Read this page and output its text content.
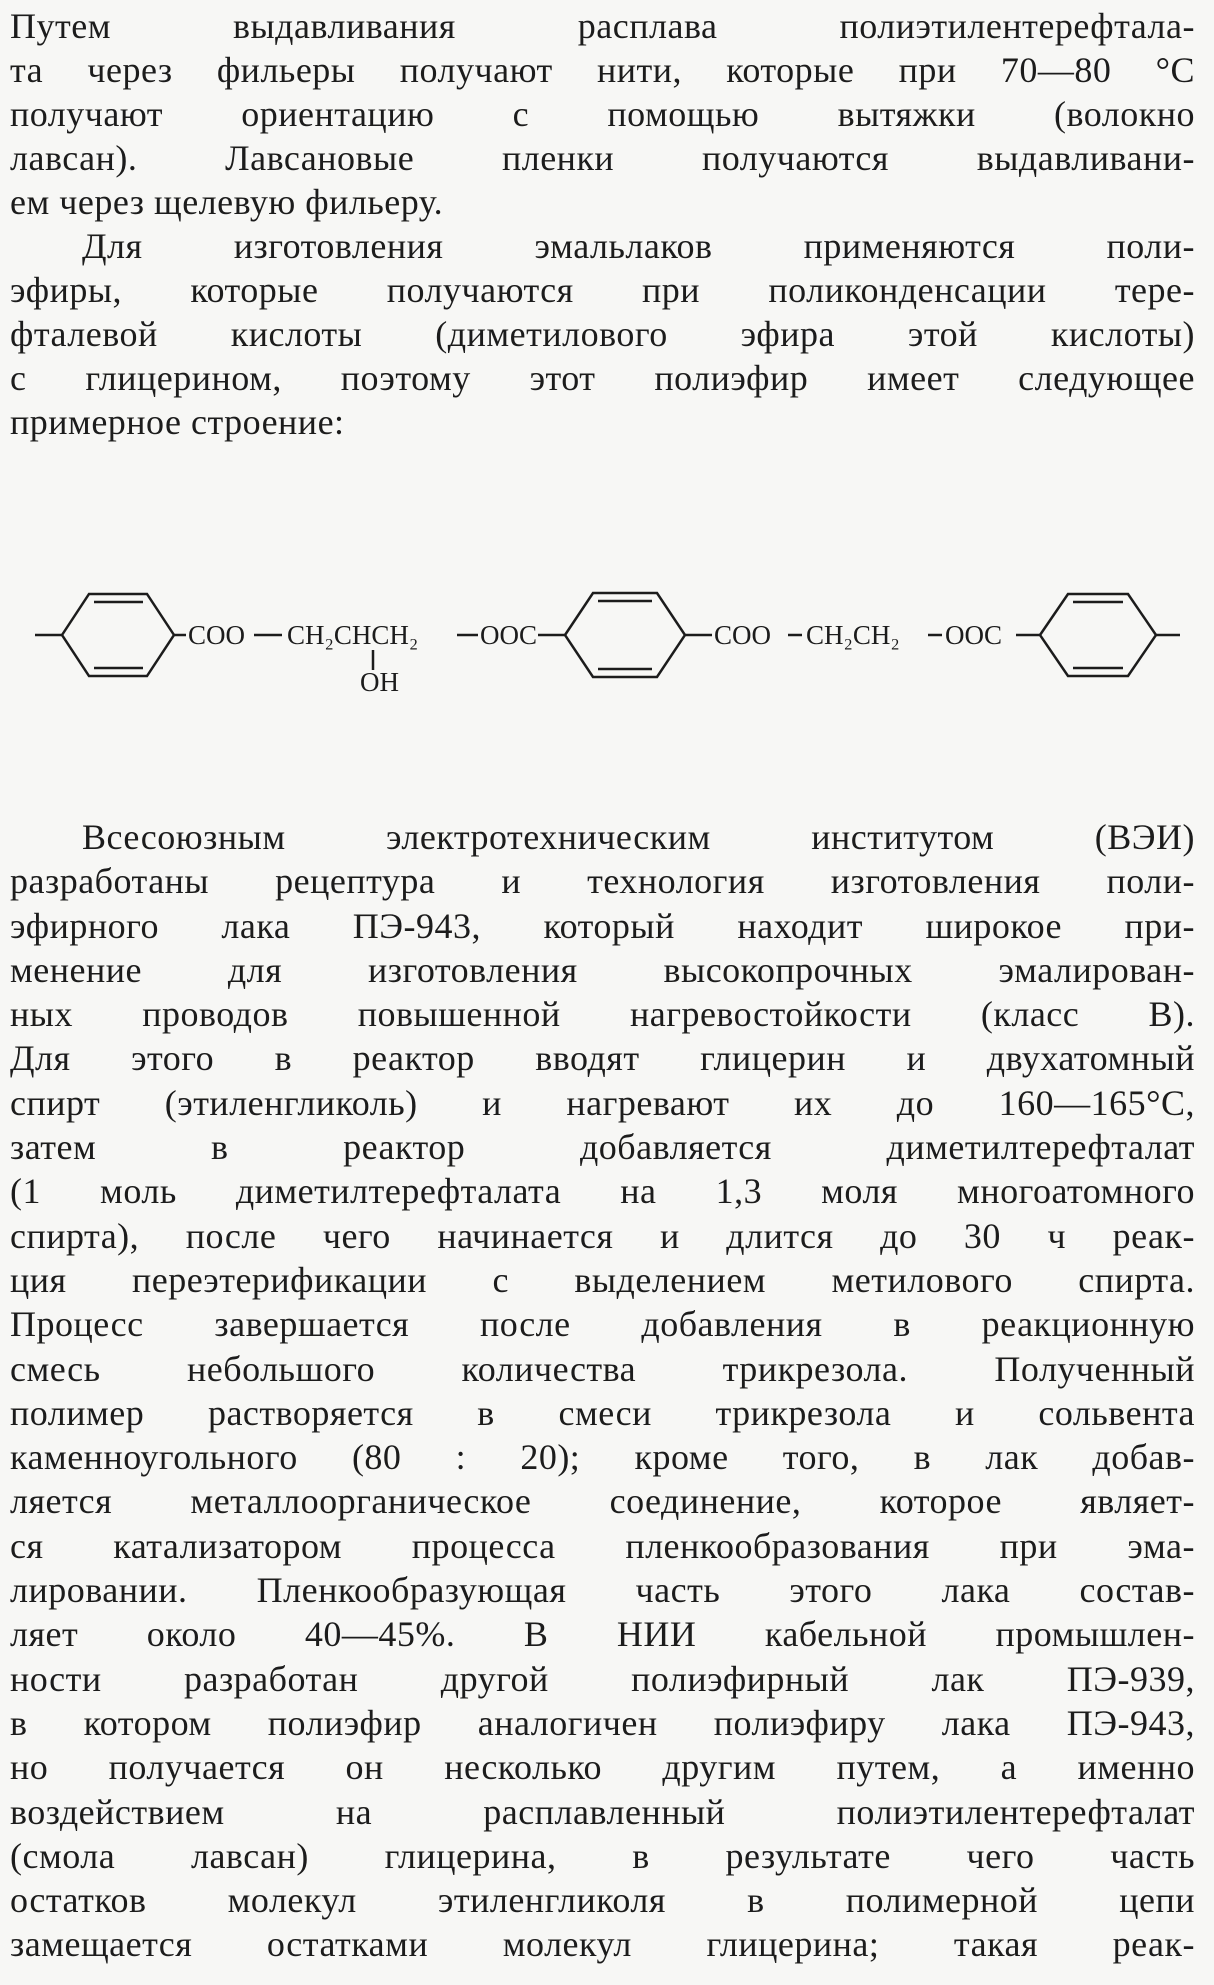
Путем выдавливания расплава полиэтилентерефтала-
та через фильеры получают нити, которые при 70—80 °С
получают ориентацию с помощью вытяжки (волокно
лавсан). Лавсановые пленки получаются выдавливани-
ем через щелевую фильеру.
Для изготовления эмальлаков применяются поли-
эфиры, которые получаются при поликонденсации тере-
фталевой кислоты (диметилового эфира этой кислоты)
с глицерином, поэтому этот полиэфир имеет следующее
примерное строение:
COO CH₂CHCH₂ OOC
OH
COO CH₂CH₂ OOC
Всесоюзным электротехническим институтом (ВЭИ)
разработаны рецептура и технология изготовления поли-
эфирного лака ПЭ-943, который находит широкое при-
менение для изготовления высокопрочных эмалирован-
ных проводов повышенной нагревостойкости (класс В).
Для этого в реактор вводят глицерин и двухатомный
спирт (этиленгликоль) и нагревают их до 160—165°С,
затем в реактор добавляется диметилтерефталат
(1 моль диметилтерефталата на 1,3 моля многоатомного
спирта), после чего начинается и длится до 30 ч реак-
ция переэтерификации с выделением метилового спирта.
Процесс завершается после добавления в реакционную
смесь небольшого количества трикрезола. Полученный
полимер растворяется в смеси трикрезола и сольвента
каменноугольного (80 : 20); кроме того, в лак добав-
ляется металлоорганическое соединение, которое являет-
ся катализатором процесса пленкообразования при эма-
лировании. Пленкообразующая часть этого лака состав-
ляет около 40—45%. В НИИ кабельной промышлен-
ности разработан другой полиэфирный лак ПЭ-939,
в котором полиэфир аналогичен полиэфиру лака ПЭ-943,
но получается он несколько другим путем, а именно
воздействием на расплавленный полиэтилентерефталат
(смола лавсан) глицерина, в результате чего часть
остатков молекул этиленгликоля в полимерной цепи
замещается остатками молекул глицерина; такая реак-
